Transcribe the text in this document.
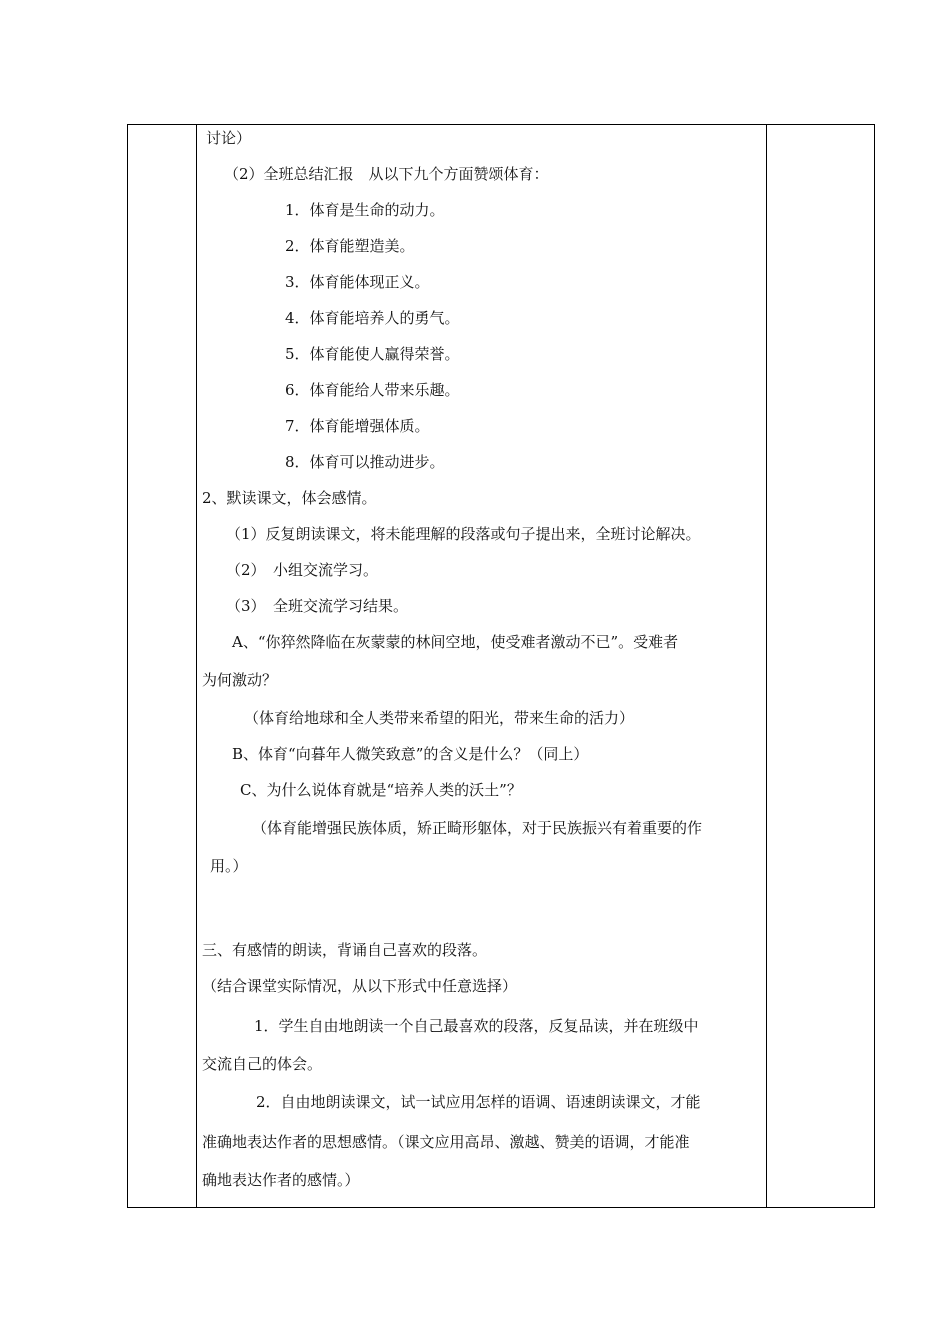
讨论）
（2）全班总结汇报　从以下九个方面赞颂体育：
1．体育是生命的动力。
2．体育能塑造美。
3．体育能体现正义。
4．体育能培养人的勇气。
5．体育能使人赢得荣誉。
6．体育能给人带来乐趣。
7．体育能增强体质。
8．体育可以推动进步。
2、默读课文，体会感情。
（1）反复朗读课文，将未能理解的段落或句子提出来，全班讨论解决。
（2）　小组交流学习。
（3）　全班交流学习结果。
A、“你猝然降临在灰蒙蒙的林间空地，使受难者激动不已”。受难者
为何激动？
（体育给地球和全人类带来希望的阳光，带来生命的活力）
B、体育“向暮年人微笑致意”的含义是什么？（同上）
C、为什么说体育就是“培养人类的沃土”？
（体育能增强民族体质，矫正畸形躯体，对于民族振兴有着重要的作
用。）
三、有感情的朗读，背诵自己喜欢的段落。
（结合课堂实际情况，从以下形式中任意选择）
1．学生自由地朗读一个自己最喜欢的段落，反复品读，并在班级中
交流自己的体会。
2．自由地朗读课文，试一试应用怎样的语调、语速朗读课文，才能
准确地表达作者的思想感情。（课文应用高昂、激越、赞美的语调，才能准
确地表达作者的感情。）
